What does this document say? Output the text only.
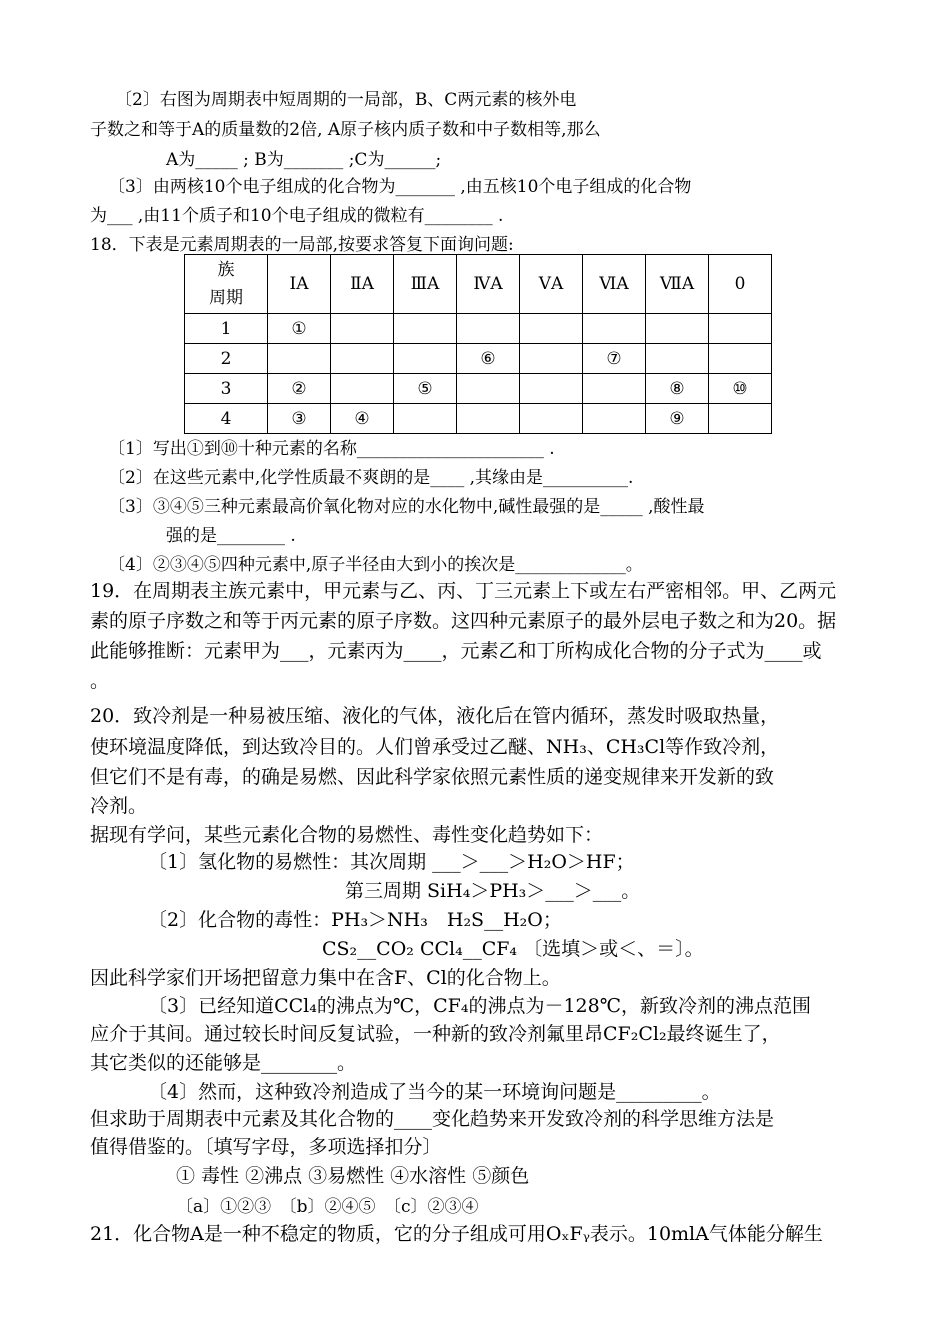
〔2〕右图为周期表中短周期的一局部，B、C两元素的核外电
子数之和等于A的质量数的2倍, A原子核内质子数和中子数相等,那么
A为_____ ; B为_______ ;C为______;
〔3〕由两核10个电子组成的化合物为_______ ,由五核10个电子组成的化合物
为___ ,由11个质子和10个电子组成的微粒有________ .
18．下表是元素周期表的一局部,按要求答复下面询问题:
族
周期	ⅠA	ⅡA	ⅢA	ⅣA	ⅤA	ⅥA	ⅦA	0
1	①							
2				⑥		⑦		
3	②		⑤				⑧	⑩
4	③	④					⑨	
〔1〕写出①到⑩十种元素的名称______________________ .
〔2〕在这些元素中,化学性质最不爽朗的是____ ,其缘由是__________.
〔3〕③④⑤三种元素最高价氧化物对应的水化物中,碱性最强的是_____ ,酸性最
强的是________ .
〔4〕②③④⑤四种元素中,原子半径由大到小的挨次是_____________。
19．在周期表主族元素中，甲元素与乙、丙、丁三元素上下或左右严密相邻。甲、乙两元
素的原子序数之和等于丙元素的原子序数。这四种元素原子的最外层电子数之和为20。据
此能够推断：元素甲为___，元素丙为____，元素乙和丁所构成化合物的分子式为____或
。
20．致冷剂是一种易被压缩、液化的气体，液化后在管内循环，蒸发时吸取热量，
使环境温度降低，到达致冷目的。人们曾承受过乙醚、NH₃、CH₃Cl等作致冷剂，
但它们不是有毒，的确是易燃、因此科学家依照元素性质的递变规律来开发新的致
冷剂。
据现有学问，某些元素化合物的易燃性、毒性变化趋势如下：
〔1〕氢化物的易燃性：其次周期 ___＞___＞H₂O＞HF；
第三周期 SiH₄＞PH₃＞___＞___。
〔2〕化合物的毒性：PH₃＞NH₃　H₂S__H₂O；
CS₂__CO₂ CCl₄__CF₄ 〔选填＞或＜、＝〕。
因此科学家们开场把留意力集中在含F、Cl的化合物上。
〔3〕已经知道CCl₄的沸点为℃，CF₄的沸点为－128℃，新致冷剂的沸点范围
应介于其间。通过较长时间反复试验，一种新的致冷剂氟里昂CF₂Cl₂最终诞生了，
其它类似的还能够是________。
〔4〕然而，这种致冷剂造成了当今的某一环境询问题是_________。
但求助于周期表中元素及其化合物的____变化趋势来开发致冷剂的科学思维方法是
值得借鉴的。〔填写字母，多项选择扣分〕
① 毒性 ②沸点 ③易燃性 ④水溶性 ⑤颜色
〔a〕①②③　〔b〕②④⑤　〔c〕②③④
21．化合物A是一种不稳定的物质，它的分子组成可用OₓFᵧ表示。10mlA气体能分解生
